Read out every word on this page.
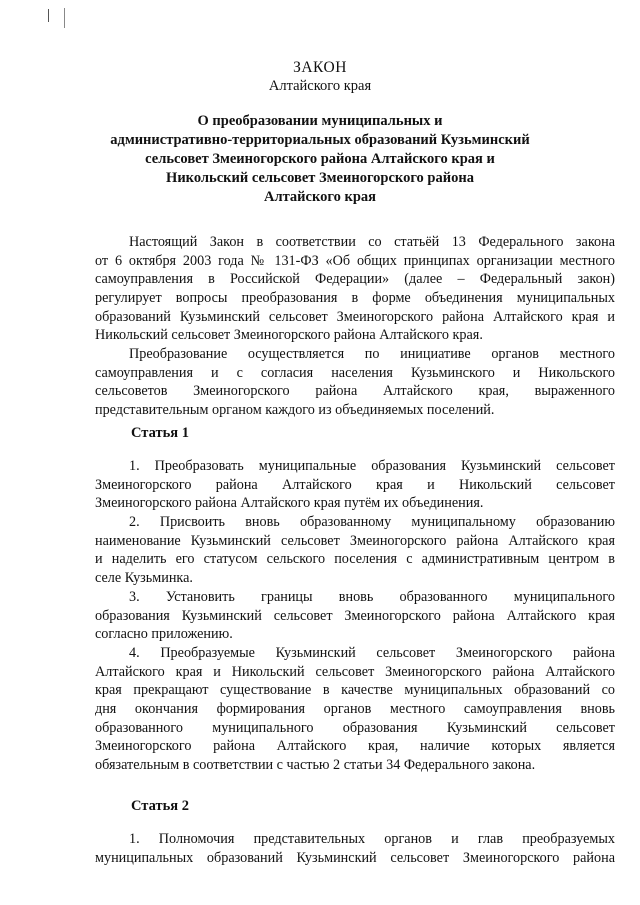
ЗАКОН
Алтайского края
О преобразовании муниципальных и
административно-территориальных образований Кузьминский
сельсовет Змеиногорского района Алтайского края и
Никольский сельсовет Змеиногорского района
Алтайского края
Настоящий Закон в соответствии со статьёй 13 Федерального закона
от 6 октября 2003 года № 131-ФЗ «Об общих принципах организации местного
самоуправления в Российской Федерации» (далее – Федеральный закон)
регулирует вопросы преобразования в форме объединения муниципальных
образований Кузьминский сельсовет Змеиногорского района Алтайского края и
Никольский сельсовет Змеиногорского района Алтайского края.
Преобразование осуществляется по инициативе органов местного
самоуправления и с согласия населения Кузьминского и Никольского
сельсоветов Змеиногорского района Алтайского края, выраженного
представительным органом каждого из объединяемых поселений.
Статья 1
1. Преобразовать муниципальные образования Кузьминский сельсовет
Змеиногорского района Алтайского края и Никольский сельсовет
Змеиногорского района Алтайского края путём их объединения.
2. Присвоить вновь образованному муниципальному образованию
наименование Кузьминский сельсовет Змеиногорского района Алтайского края
и наделить его статусом сельского поселения с административным центром в
селе Кузьминка.
3. Установить границы вновь образованного муниципального
образования Кузьминский сельсовет Змеиногорского района Алтайского края
согласно приложению.
4. Преобразуемые Кузьминский сельсовет Змеиногорского района
Алтайского края и Никольский сельсовет Змеиногорского района Алтайского
края прекращают существование в качестве муниципальных образований со
дня окончания формирования органов местного самоуправления вновь
образованного муниципального образования Кузьминский сельсовет
Змеиногорского района Алтайского края, наличие которых является
обязательным в соответствии с частью 2 статьи 34 Федерального закона.
Статья 2
1. Полномочия представительных органов и глав преобразуемых
муниципальных образований Кузьминский сельсовет Змеиногорского района
